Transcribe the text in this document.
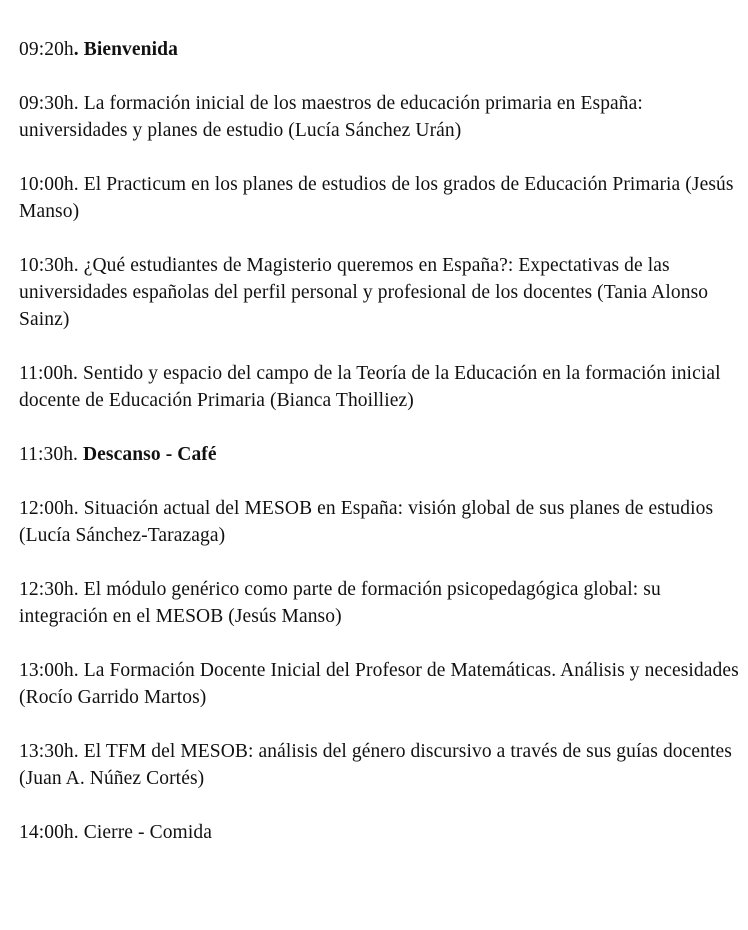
09:20h. Bienvenida

09:30h. La formación inicial de los maestros de educación primaria en España: universidades y planes de estudio (Lucía Sánchez Urán)

10:00h. El Practicum en los planes de estudios de los grados de Educación Primaria (Jesús Manso)

10:30h. ¿Qué estudiantes de Magisterio queremos en España?: Expectativas de las universidades españolas del perfil personal y profesional de los docentes (Tania Alonso Sainz)

11:00h. Sentido y espacio del campo de la Teoría de la Educación en la formación inicial docente de Educación Primaria (Bianca Thoilliez)

11:30h. Descanso - Café

12:00h. Situación actual del MESOB en España: visión global de sus planes de estudios (Lucía Sánchez-Tarazaga)

12:30h. El módulo genérico como parte de formación psicopedagógica global: su integración en el MESOB (Jesús Manso)

13:00h. La Formación Docente Inicial del Profesor de Matemáticas. Análisis y necesidades (Rocío Garrido Martos)

13:30h. El TFM del MESOB: análisis del género discursivo a través de sus guías docentes (Juan A. Núñez Cortés)

14:00h. Cierre - Comida
